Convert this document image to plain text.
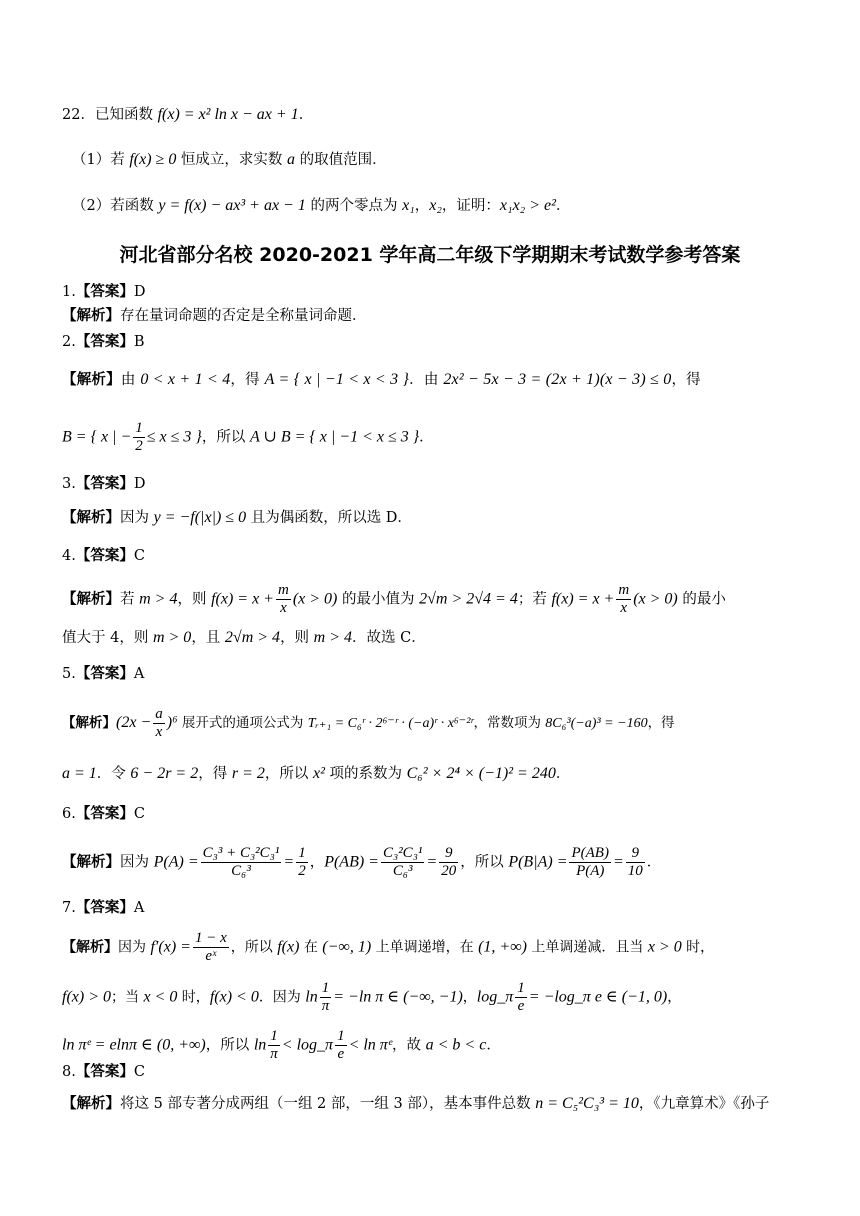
22．已知函数 f(x) = x² ln x − ax + 1．
（1）若 f(x) ≥ 0 恒成立，求实数 a 的取值范围．
（2）若函数 y = f(x) − ax³ + ax − 1 的两个零点为 x₁，x₂，证明：x₁x₂ > e²．
河北省部分名校 2020-2021 学年高二年级下学期期末考试数学参考答案
1.【答案】D
【解析】存在量词命题的否定是全称量词命题．
2.【答案】B
【解析】由 0 < x + 1 < 4，得 A = { x | −1 < x < 3 }．由 2x² − 5x − 3 = (2x + 1)(x − 3) ≤ 0，得
B = { x | − $\frac{1}{2} \le x \le 3$ }，所以 A ∪ B = { x | −1 < x ≤ 3 }．
3.【答案】D
【解析】因为 y = −f(|x|) ≤ 0 且为偶函数，所以选 D．
4.【答案】C
【解析】若 m > 4，则 $f(x) = x + \frac{m}{x} (x > 0)$ 的最小值为 2√m > 2√4 = 4；若 $f(x) = x + \frac{m}{x} (x > 0)$ 的最小
值大于 4，则 m > 0，且 2√m > 4，则 m > 4．故选 C．
5.【答案】A
【解析】$(2x - \frac{a}{x} )^6$ 展开式的通项公式为 Tᵣ₊₁ = C₆ʳ · 2⁶⁻ʳ · (−a)ʳ · x⁶⁻²ʳ，常数项为 8C₆³(−a)³ = −160，得
a = 1．令 6 − 2r = 2，得 r = 2，所以 x² 项的系数为 C₆² × 2⁴ × (−1)² = 240．
6.【答案】C
【解析】因为 $P(A) = \frac{\text{C₃³ + C₃²C₃¹}}{\text{C₆³}} = \frac{1}{2}$ ，$P(AB) = \frac{\text{C₃²C₃¹}}{\text{C₆³}} = \frac{9}{20}$ ，所以 $P(B|A) = \frac{P(AB)}{P(A)} = \frac{9}{10}$ ．
7.【答案】A
【解析】因为 $f'(x) = \frac{1 - x}{\text{eˣ}}$ ，所以 f(x) 在 (−∞, 1) 上单调递增，在 (1, +∞) 上单调递减．且当 x > 0 时，
f(x) > 0；当 x < 0 时，f(x) < 0．因为 $\ln \frac{1}{\pi} = -\ln$ π ∈ (−∞, −1)，log_π $\frac{1}{e}$ = −log_π e ∈ (−1, 0)，
ln πᵉ = elnπ ∈ (0, +∞)，所以 $\ln \frac{1}{\pi}$ < log_π $\frac{1}{e} < \ln$ πᵉ，故 a < b < c．
8.【答案】C
【解析】将这 5 部专著分成两组（一组 2 部，一组 3 部），基本事件总数 n = C₅²C₃³ = 10，《九章算术》《孙子
